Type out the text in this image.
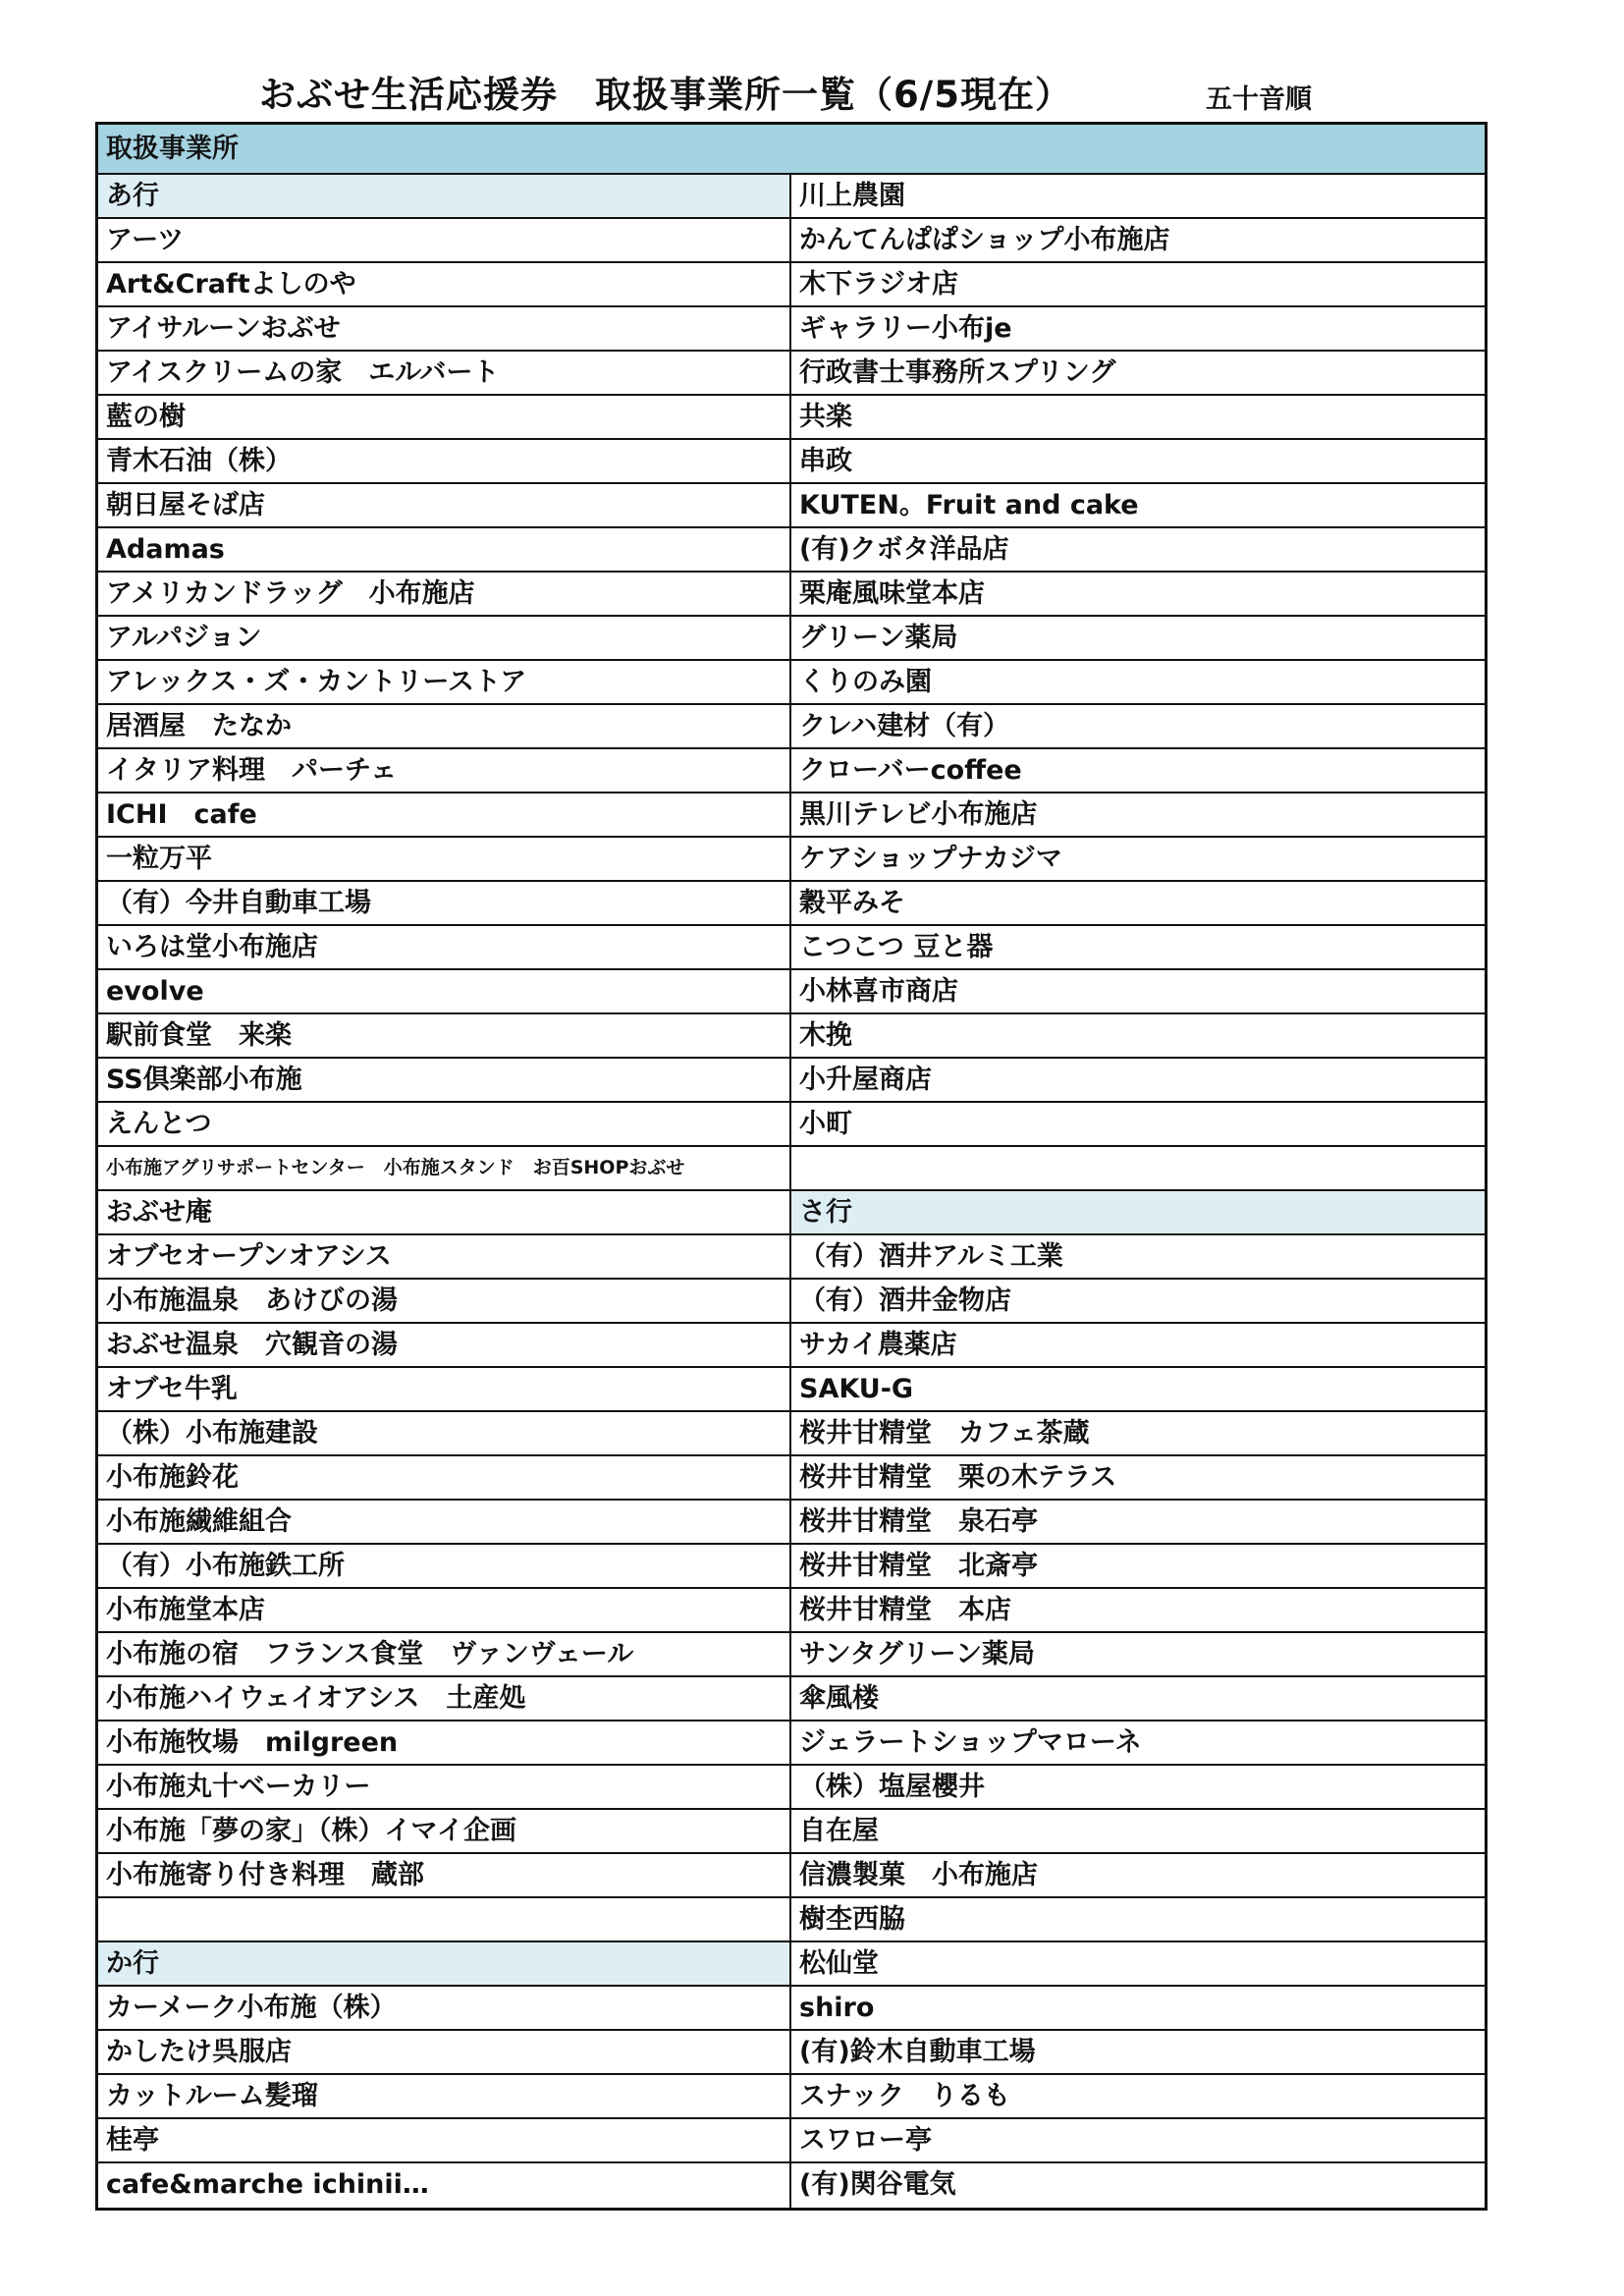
おぶせ生活応援券　取扱事業所一覧（6/5現在）	五十音順
取扱事業所
あ行
アーツ
Art&Craftよしのや
アイサルーンおぶせ
アイスクリームの家　エルバート
藍の樹
青木石油（株）
朝日屋そば店
Adamas
アメリカンドラッグ　小布施店
アルパジョン
アレックス・ズ・カントリーストア
居酒屋　たなか
イタリア料理　パーチェ
ICHI　cafe
一粒万平
（有）今井自動車工場
いろは堂小布施店
evolve
駅前食堂　来楽
SS倶楽部小布施
えんとつ
小布施アグリサポートセンター　小布施スタンド　お百SHOPおぶせ
おぶせ庵
オブセオープンオアシス
小布施温泉　あけびの湯
おぶせ温泉　穴観音の湯
オブセ牛乳
（株）小布施建設
小布施鈴花
小布施繊維組合
（有）小布施鉄工所
小布施堂本店
小布施の宿　フランス食堂　ヴァンヴェール
小布施ハイウェイオアシス　土産処
小布施牧場　milgreen
小布施丸十ベーカリー
小布施「夢の家」（株）イマイ企画
小布施寄り付き料理　蔵部
か行
カーメーク小布施（株）
かしたけ呉服店
カットルーム髪瑠
桂亭
cafe&marche ichinii…
川上農園
かんてんぱぱショップ小布施店
木下ラジオ店
ギャラリー小布je
行政書士事務所スプリング
共楽
串政
KUTEN。Fruit and cake
(有)クボタ洋品店
栗庵風味堂本店
グリーン薬局
くりのみ園
クレハ建材（有）
クローバーcoffee
黒川テレビ小布施店
ケアショップナカジマ
穀平みそ
こつこつ 豆と器
小林喜市商店
木挽
小升屋商店
小町
さ行
（有）酒井アルミ工業
（有）酒井金物店
サカイ農薬店
SAKU-G
桜井甘精堂　カフェ茶蔵
桜井甘精堂　栗の木テラス
桜井甘精堂　泉石亭
桜井甘精堂　北斎亭
桜井甘精堂　本店
サンタグリーン薬局
傘風楼
ジェラートショップマローネ
（株）塩屋櫻井
自在屋
信濃製菓　小布施店
樹杢西脇
松仙堂
shiro
(有)鈴木自動車工場
スナック　りるも
スワロー亭
(有)関谷電気
